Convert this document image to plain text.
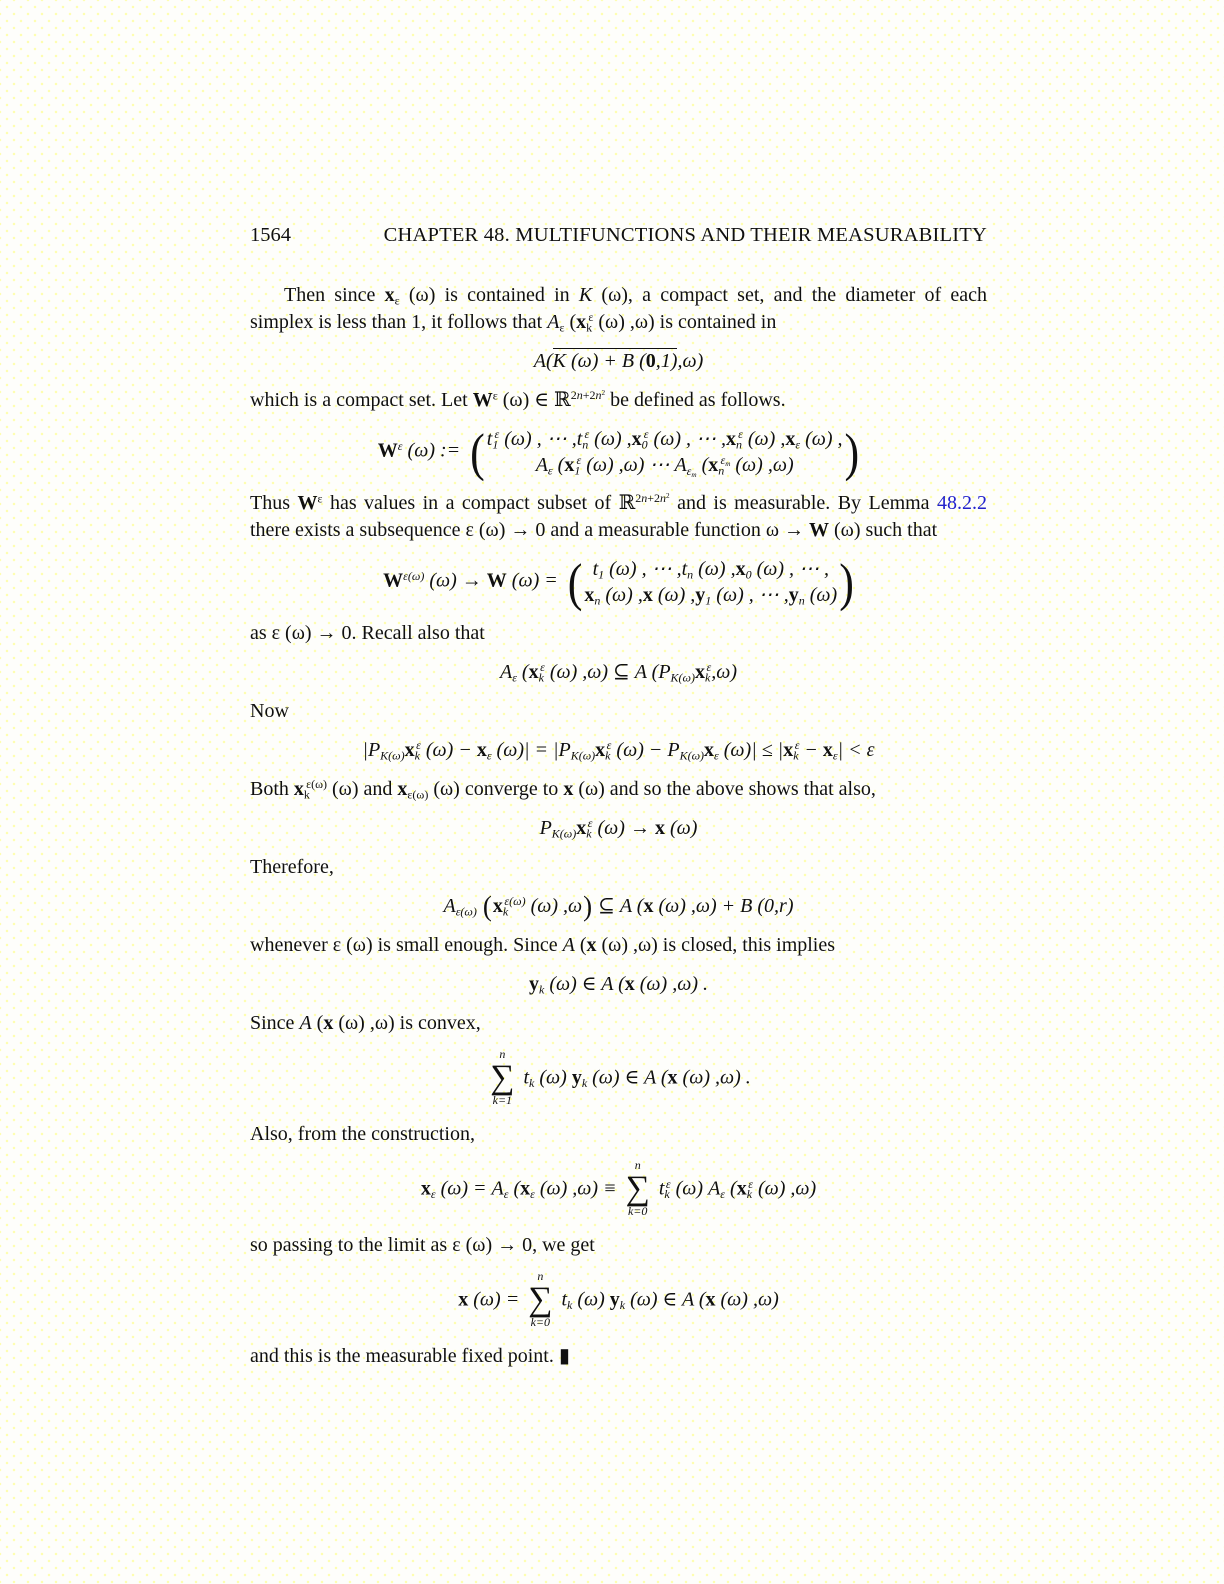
1564	CHAPTER 48. MULTIFUNCTIONS AND THEIR MEASURABILITY
Then since $x_\varepsilon$ (ω) is contained in K (ω), a compact set, and the diameter of each simplex is less than 1, it follows that $A_\varepsilon$ ($x_k^\varepsilon$ (ω) ,ω) is contained in
A(K (ω) + B (0,1),ω)
which is a compact set. Let $W^\varepsilon$ (ω) ∈ ℝ$^{2n+2n^2}$ be defined as follows.
$W^\varepsilon$ (ω) := ( $t_1^\varepsilon$ (ω) , ⋯ $,t_n^\varepsilon$ (ω) $,x_0^\varepsilon$ (ω) , ⋯ $,x_n^\varepsilon$ (ω) $,x_\varepsilon$ (ω) ,
$A_\varepsilon$ ($x_1^\varepsilon$ (ω) ,ω) ⋯ $A_{\varepsilon_m}$ ($x_n^{\varepsilon_m}$ (ω) ,ω) )
Thus $W^\varepsilon$ has values in a compact subset of ℝ$^{2n+2n^2}$ and is measurable. By Lemma 48.2.2 there exists a subsequence ε (ω) → 0 and a measurable function ω → W (ω) such that
$W^{\varepsilon(\omega)}$ (ω) → W (ω) = ( $t_1$ (ω) , ⋯ $,t_n$ (ω) $,x_0$ (ω) , ⋯ ,
$x_n$ (ω) ,x (ω) $,y_1$ (ω) , ⋯ $,y_n$ (ω) )
as ε (ω) → 0. Recall also that
$A_\varepsilon$ ($x_k^\varepsilon$ (ω) ,ω) ⊆ A $(P_{K(\omega)}x_k^\varepsilon,\omega)$
Now
$|P_{K(\omega)}x_k^\varepsilon$ $(\omega) - x_\varepsilon$ $(\omega)| = |P_{K(\omega)}x_k^\varepsilon$ $(\omega) - P_{K(\omega)}x_\varepsilon$ $(\omega)| \le |x_k^\varepsilon - x_\varepsilon| < \varepsilon$
Both $x_k^{\varepsilon(\omega)}$ (ω) and $x_{\varepsilon(\omega)}$ (ω) converge to x (ω) and so the above shows that also,
$P_{K(\omega)}x_k^\varepsilon$ (ω) → x (ω)
Therefore,
$A_{\varepsilon(\omega)}$ ($x_k^{\varepsilon(\omega)}$ (ω) ,ω) ⊆ A (x (ω) ,ω) + B (0,r)
whenever ε (ω) is small enough. Since A (x (ω) ,ω) is closed, this implies
$y_k$ (ω) ∈ A (x (ω) ,ω) .
Since A (x (ω) ,ω) is convex,
n
∑
k=1
$t_k$ (ω) $y_k$ (ω) ∈ A (x (ω) ,ω) .
Also, from the construction,
$x_\varepsilon$ $(\omega) = A_\varepsilon$ ($x_\varepsilon$ (ω) ,ω) ≡
n
∑
k=0
$t_k^\varepsilon$ (ω) $A_\varepsilon$ ($x_k^\varepsilon$ (ω) ,ω)
so passing to the limit as ε (ω) → 0, we get
x (ω) =
n
∑
k=0
$t_k$ (ω) $y_k$ (ω) ∈ A (x (ω) ,ω)
and this is the measurable fixed point. ▮
